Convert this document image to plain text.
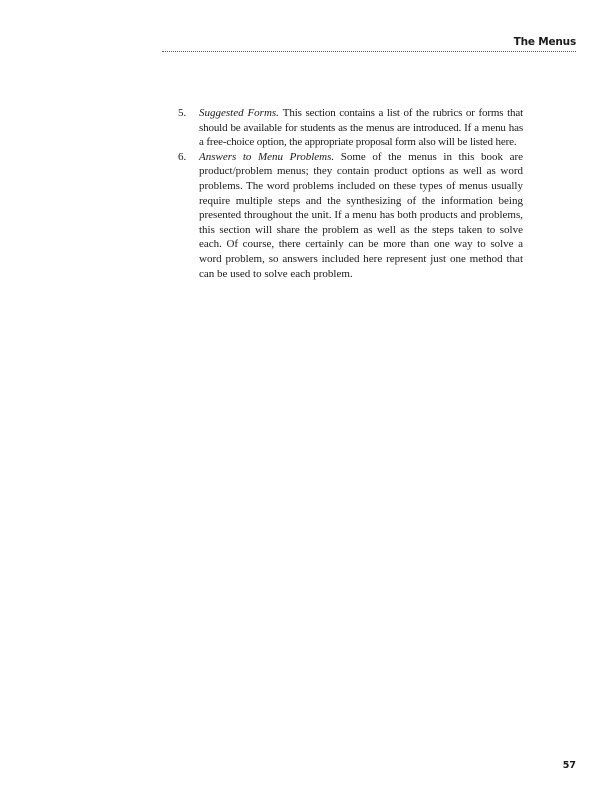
The Menus
5. Suggested Forms. This section contains a list of the rubrics or forms that should be available for students as the menus are introduced. If a menu has a free-choice option, the appropriate proposal form also will be listed here.
6. Answers to Menu Problems. Some of the menus in this book are product/problem menus; they contain product options as well as word problems. The word problems included on these types of menus usually require multiple steps and the synthesizing of the information being presented throughout the unit. If a menu has both products and problems, this section will share the problem as well as the steps taken to solve each. Of course, there certainly can be more than one way to solve a word problem, so answers included here represent just one method that can be used to solve each problem.
57
